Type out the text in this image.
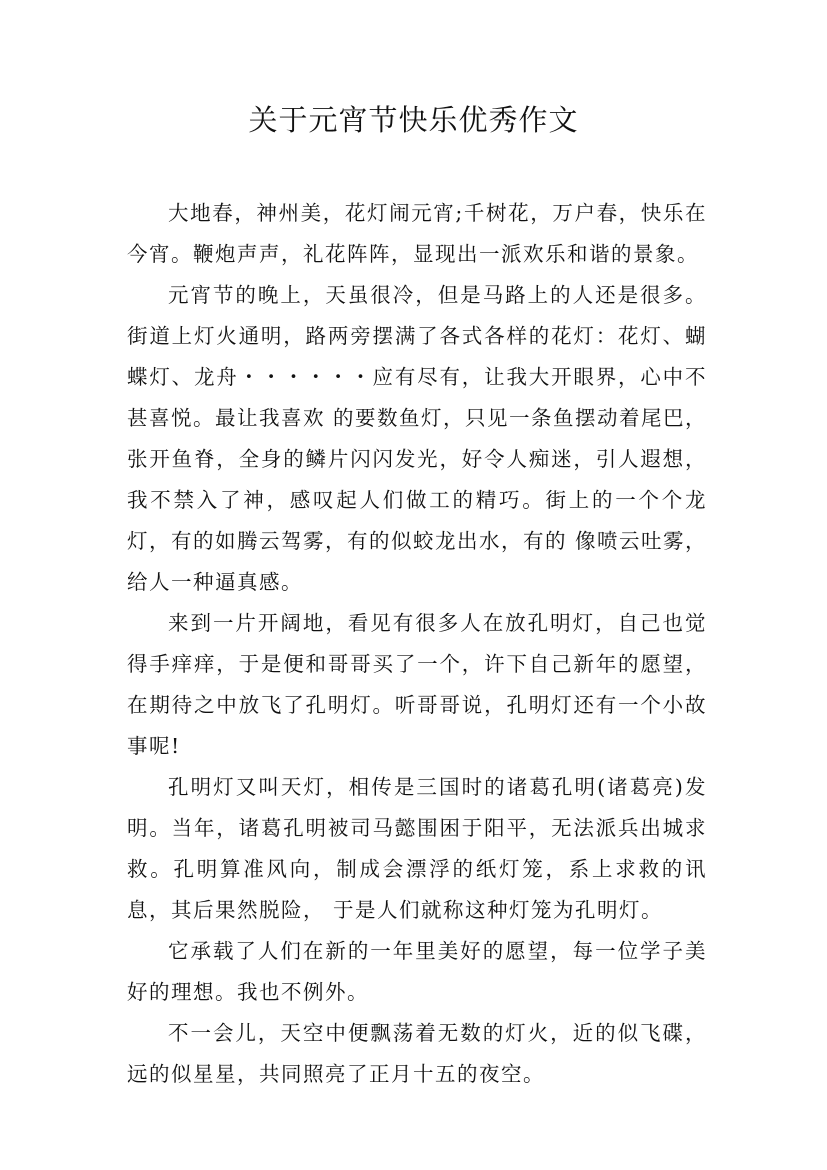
关于元宵节快乐优秀作文

大地春，神州美，花灯闹元宵;千树花，万户春，快乐在今宵。鞭炮声声，礼花阵阵，显现出一派欢乐和谐的景象。

元宵节的晚上，天虽很冷，但是马路上的人还是很多。街道上灯火通明，路两旁摆满了各式各样的花灯：花灯、蝴蝶灯、龙舟・・・・・・应有尽有，让我大开眼界，心中不甚喜悦。最让我喜欢 的要数鱼灯，只见一条鱼摆动着尾巴，张开鱼脊，全身的鳞片闪闪发光，好令人痴迷，引人遐想，我不禁入了神，感叹起人们做工的精巧。街上的一个个龙灯，有的如腾云驾雾，有的似蛟龙出水，有的 像喷云吐雾，给人一种逼真感。

来到一片开阔地，看见有很多人在放孔明灯，自己也觉得手痒痒，于是便和哥哥买了一个，许下自己新年的愿望，在期待之中放飞了孔明灯。听哥哥说，孔明灯还有一个小故事呢!

孔明灯又叫天灯，相传是三国时的诸葛孔明(诸葛亮)发明。当年，诸葛孔明被司马懿围困于阳平，无法派兵出城求救。孔明算准风向，制成会漂浮的纸灯笼，系上求救的讯息，其后果然脱险， 于是人们就称这种灯笼为孔明灯。

它承载了人们在新的一年里美好的愿望，每一位学子美好的理想。我也不例外。

不一会儿，天空中便飘荡着无数的灯火，近的似飞碟，远的似星星，共同照亮了正月十五的夜空。
